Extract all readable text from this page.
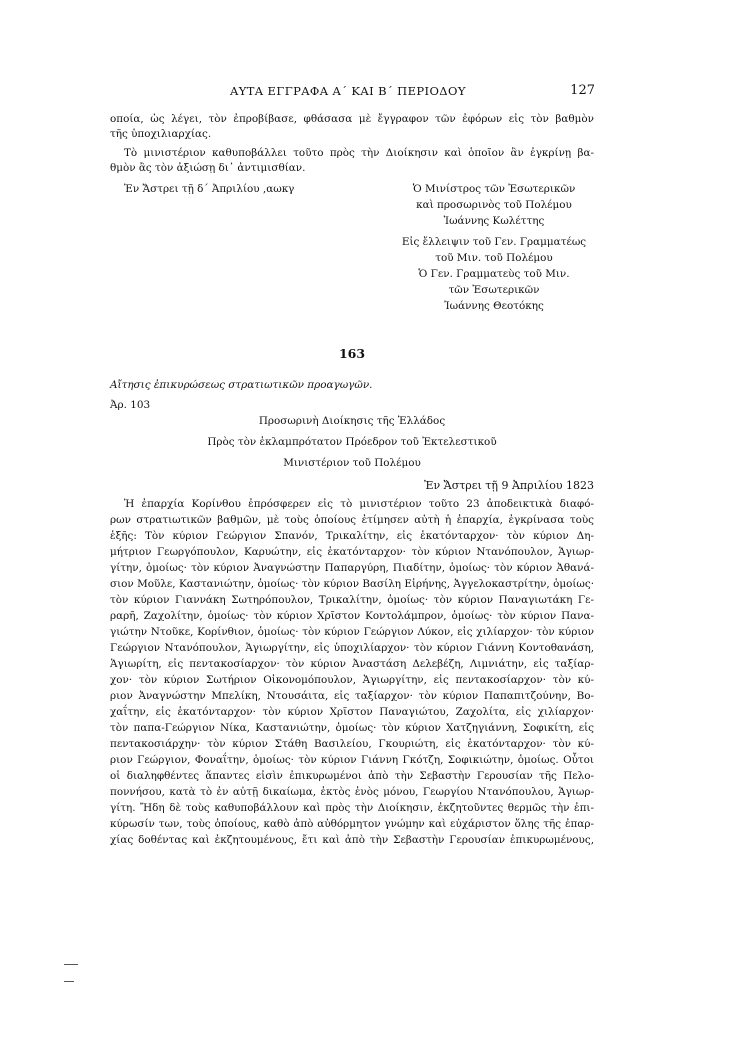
ΑΥΤΑ ΕΓΓΡΑΦΑ Α΄ ΚΑΙ Β΄ ΠΕΡΙΟΔΟΥ	127
οποία, ὡς λέγει, τὸν ἐπροβίβασε, φθάσασα μὲ ἔγγραφον τῶν ἐφόρων εἰς τὸν βαθμὸν
τῆς ὑποχιλιαρχίας.
Τὸ μινιστέριον καθυποβάλλει τοῦτο πρὸς τὴν Διοίκησιν καὶ ὁποῖον ἂν ἐγκρίνῃ βα-
θμὸν ἂς τὸν ἀξιώσῃ δι᾽ ἀντιμισθίαν.
Ἐν Ἄστρει τῇ δ΄ Ἀπριλίου ,αωκγ	Ὁ Μινίστρος τῶν Ἐσωτερικῶν
καὶ προσωρινὸς τοῦ Πολέμου
Ἰωάννης Κωλέττης
Εἰς ἔλλειψιν τοῦ Γεν. Γραμματέως
τοῦ Μιν. τοῦ Πολέμου
Ὁ Γεν. Γραμματεὺς τοῦ Μιν.
τῶν Ἐσωτερικῶν
Ἰωάννης Θεοτόκης
163
Αἴτησις ἐπικυρώσεως στρατιωτικῶν προαγωγῶν.
Ἀρ. 103
Προσωρινὴ Διοίκησις τῆς Ἑλλάδος
Πρὸς τὸν ἐκλαμπρότατον Πρόεδρον τοῦ Ἐκτελεστικοῦ
Μινιστέριον τοῦ Πολέμου
Ἐν Ἄστρει τῇ 9 Ἀπριλίου 1823
Ἡ ἐπαρχία Κορίνθου ἐπρόσφερεν εἰς τὸ μινιστέριον τοῦτο 23 ἀποδεικτικὰ διαφό-
ρων στρατιωτικῶν βαθμῶν, μὲ τοὺς ὁποίους ἐτίμησεν αὐτὴ ἡ ἐπαρχία, ἐγκρίνασα τοὺς
ἑξῆς: Τὸν κύριον Γεώργιον Σπανόν, Τρικαλίτην, εἰς ἑκατόνταρχον· τὸν κύριον Δη-
μήτριον Γεωργόπουλον, Καρυώτην, εἰς ἑκατόνταρχον· τὸν κύριον Ντανόπουλον, Ἁγιωρ-
γίτην, ὁμοίως· τὸν κύριον Ἀναγνώστην Παπαργύρη, Πιαδίτην, ὁμοίως· τὸν κύριον Ἀθανά-
σιον Μοῦλε, Καστανιώτην, ὁμοίως· τὸν κύριον Βασίλη Εἰρήνης, Ἀγγελοκαστρίτην, ὁμοίως·
τὸν κύριον Γιαννάκη Σωτηρόπουλον, Τρικαλίτην, ὁμοίως· τὸν κύριον Παναγιωτάκη Γε-
ραρῆ, Ζαχολίτην, ὁμοίως· τὸν κύριον Χρῖστον Κοντολάμπρον, ὁμοίως· τὸν κύριον Πανα-
γιώτην Ντοῦκε, Κορίνθιον, ὁμοίως· τὸν κύριον Γεώργιον Λύκον, εἰς χιλίαρχον· τὸν κύριον
Γεώργιον Ντανόπουλον, Ἁγιωργίτην, εἰς ὑποχιλίαρχον· τὸν κύριον Γιάννη Κοντοθανάση,
Ἁγιωρίτη, εἰς πεντακοσίαρχον· τὸν κύριον Ἀναστάση Δελεβέζη, Λιμνιάτην, εἰς ταξίαρ-
χον· τὸν κύριον Σωτήριον Οἰκονομόπουλον, Ἁγιωργίτην, εἰς πεντακοσίαρχον· τὸν κύ-
ριον Ἀναγνώστην Μπελίκη, Ντουσάιτα, εἰς ταξίαρχον· τὸν κύριον Παπαπιτζούνην, Βο-
χαΐτην, εἰς ἑκατόνταρχον· τὸν κύριον Χρῖστον Παναγιώτου, Ζαχολίτα, εἰς χιλίαρχον·
τὸν παπα-Γεώργιον Νίκα, Καστανιώτην, ὁμοίως· τὸν κύριον Χατζηγιάννη, Σοφικίτη, εἰς
πεντακοσιάρχην· τὸν κύριον Στάθη Βασιλείου, Γκουριώτη, εἰς ἑκατόνταρχον· τὸν κύ-
ριον Γεώργιον, Φοναΐτην, ὁμοίως· τὸν κύριον Γιάννη Γκότζη, Σοφικιώτην, ὁμοίως. Οὗτοι
οἱ διαληφθέντες ἅπαντες εἰσὶν ἐπικυρωμένοι ἀπὸ τὴν Σεβαστὴν Γερουσίαν τῆς Πελο-
ποννήσου, κατὰ τὸ ἐν αὐτῇ δικαίωμα, ἐκτὸς ἑνὸς μόνου, Γεωργίου Ντανόπουλου, Ἁγιωρ-
γίτη. Ἤδη δὲ τοὺς καθυποβάλλουν καὶ πρὸς τὴν Διοίκησιν, ἐκζητοῦντες θερμῶς τὴν ἐπι-
κύρωσίν των, τοὺς ὁποίους, καθὸ ἀπὸ αὐθόρμητον γνώμην καὶ εὐχάριστον ὅλης τῆς ἐπαρ-
χίας δοθέντας καὶ ἐκζητουμένους, ἔτι καὶ ἀπὸ τὴν Σεβαστὴν Γερουσίαν ἐπικυρωμένους,
